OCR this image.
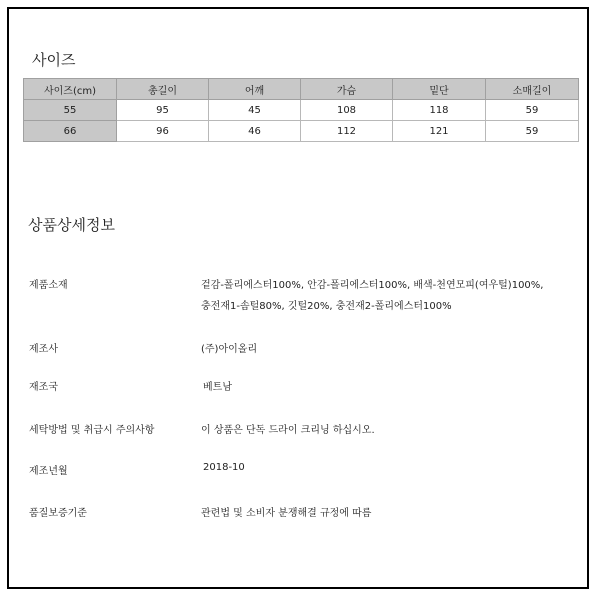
사이즈
사이즈(cm)	총길이	어깨	가슴	밑단	소매길이
55	95	45	108	118	59
66	96	46	112	121	59
상품상세정보
제품소재	겉감-폴리에스터100%, 안감-폴리에스터100%, 배색-천연모피(여우털)100%,
충전재1-솜털80%, 깃털20%, 충전재2-폴리에스터100%
제조사	(주)아이올리
재조국	베트남
세탁방법 및 취급시 주의사항	이 상품은 단독 드라이 크리닝 하십시오.
제조년월	2018-10
품질보증기준	관련법 및 소비자 분쟁해결 규정에 따름
